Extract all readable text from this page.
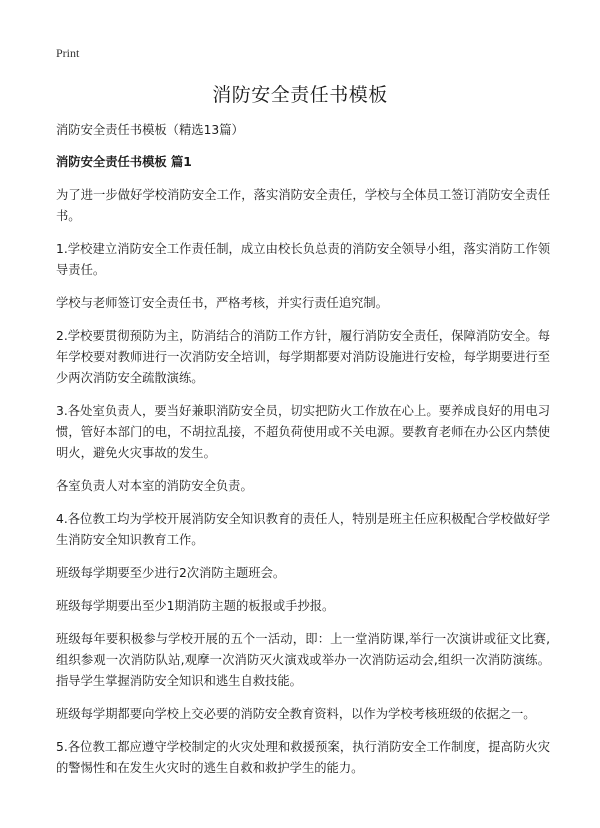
Print
消防安全责任书模板

消防安全责任书模板（精选13篇）

消防安全责任书模板 篇1

为了进一步做好学校消防安全工作，落实消防安全责任，学校与全体员工签订消防安全责任书。

1.学校建立消防安全工作责任制，成立由校长负总责的消防安全领导小组，落实消防工作领导责任。

学校与老师签订安全责任书，严格考核，并实行责任追究制。

2.学校要贯彻预防为主，防消结合的消防工作方针，履行消防安全责任，保障消防安全。每年学校要对教师进行一次消防安全培训，每学期都要对消防设施进行安检，每学期要进行至少两次消防安全疏散演练。

3.各处室负责人，要当好兼职消防安全员，切实把防火工作放在心上。要养成良好的用电习惯，管好本部门的电，不胡拉乱接，不超负荷使用或不关电源。要教育老师在办公区内禁使明火，避免火灾事故的发生。

各室负责人对本室的消防安全负责。

4.各位教工均为学校开展消防安全知识教育的责任人，特别是班主任应积极配合学校做好学生消防安全知识教育工作。

班级每学期要至少进行2次消防主题班会。

班级每学期要出至少1期消防主题的板报或手抄报。

班级每年要积极参与学校开展的五个一活动，即：上一堂消防课,举行一次演讲或征文比赛,组织参观一次消防队站,观摩一次消防灭火演戏或举办一次消防运动会,组织一次消防演练。指导学生掌握消防安全知识和逃生自救技能。

班级每学期都要向学校上交必要的消防安全教育资料，以作为学校考核班级的依据之一。

5.各位教工都应遵守学校制定的火灾处理和救援预案，执行消防安全工作制度，提高防火灾的警惕性和在发生火灾时的逃生自救和救护学生的能力。
